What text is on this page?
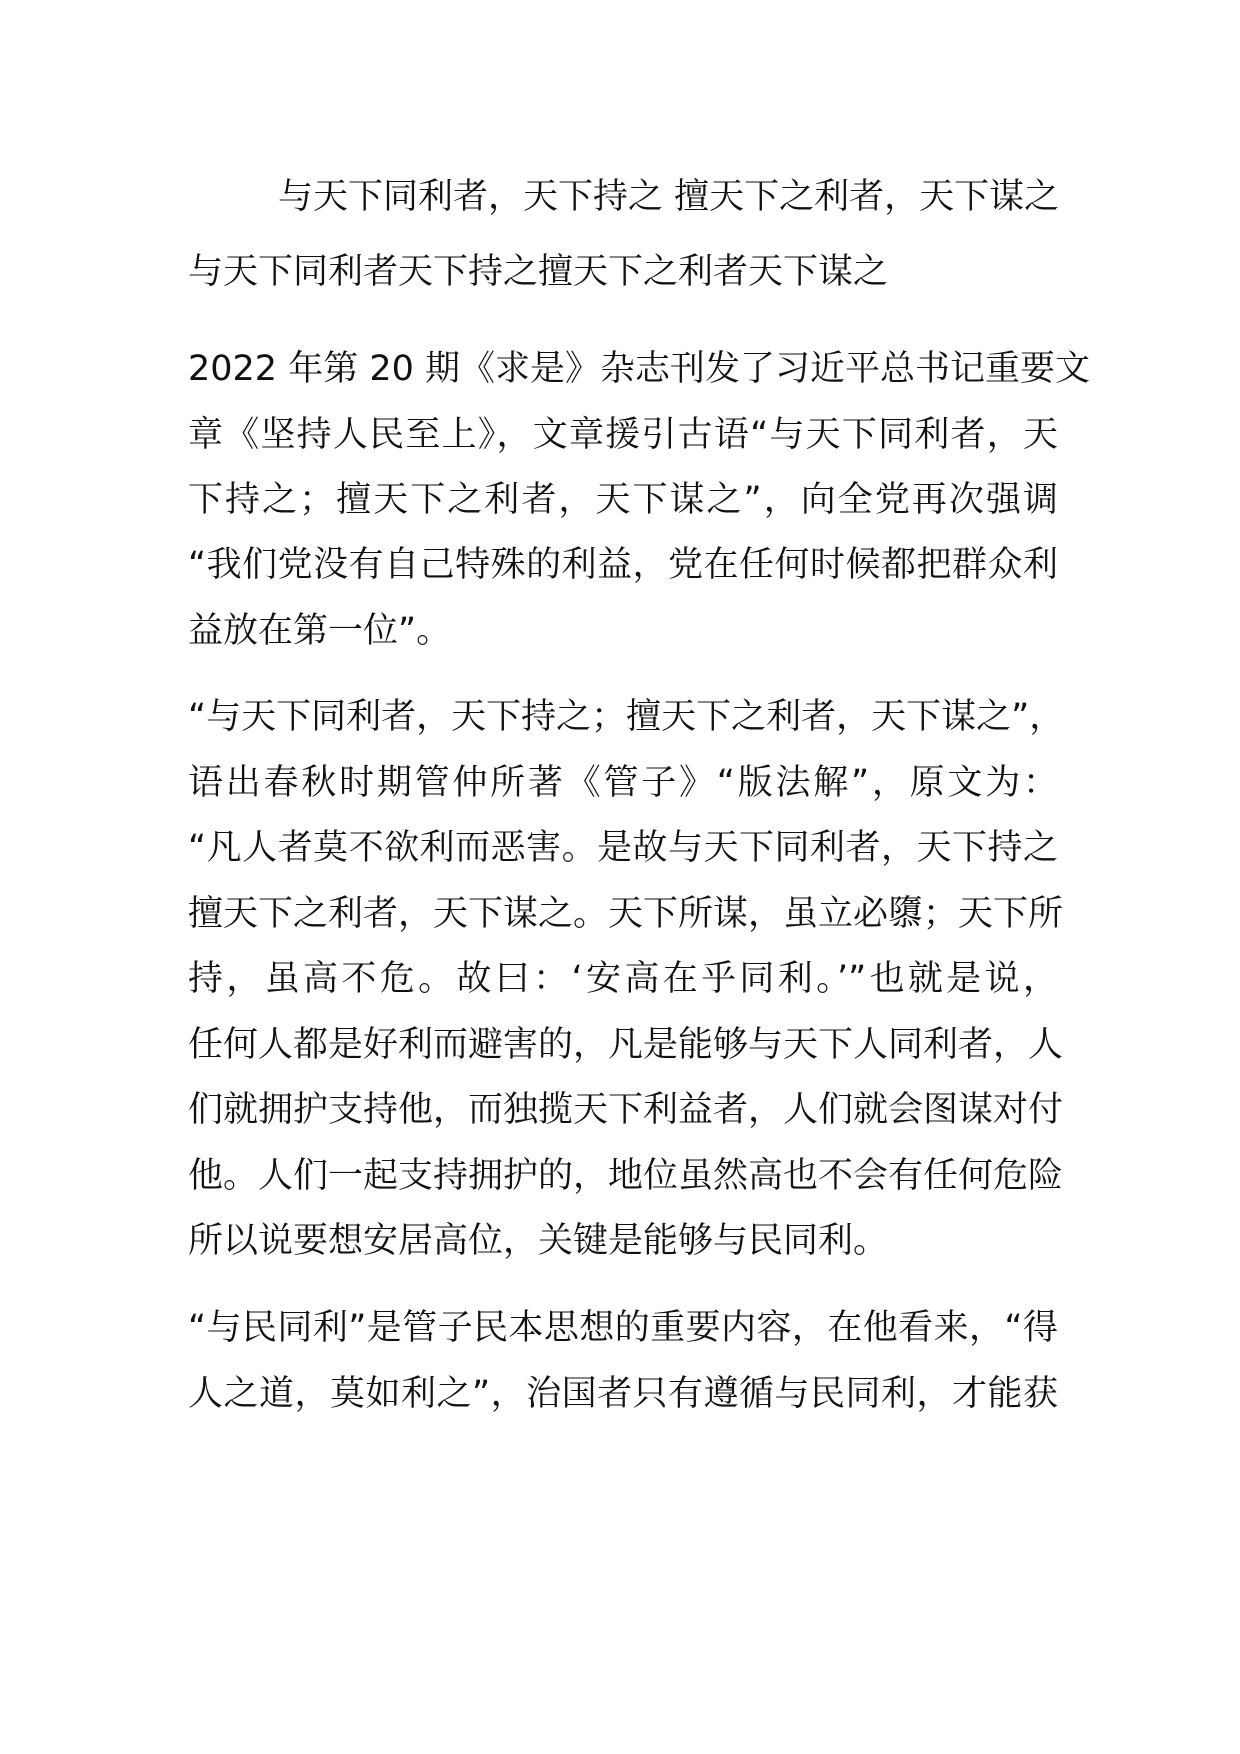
与天下同利者，天下持之 擅天下之利者，天下谋之
与天下同利者天下持之擅天下之利者天下谋之
2022 年第 20 期《求是》杂志刊发了习近平总书记重要文
章《坚持人民至上》，文章援引古语“与天下同利者，天
下持之；擅天下之利者，天下谋之”，向全党再次强调
“我们党没有自己特殊的利益，党在任何时候都把群众利
益放在第一位”。
“与天下同利者，天下持之；擅天下之利者，天下谋之”，
语出春秋时期管仲所著《管子》“版法解”，原文为：
“凡人者莫不欲利而恶害。是故与天下同利者，天下持之
擅天下之利者，天下谋之。天下所谋，虽立必隳；天下所
持，虽高不危。故曰：‘安高在乎同利。’”也就是说，
任何人都是好利而避害的，凡是能够与天下人同利者，人
们就拥护支持他，而独揽天下利益者，人们就会图谋对付
他。人们一起支持拥护的，地位虽然高也不会有任何危险
所以说要想安居高位，关键是能够与民同利。
“与民同利”是管子民本思想的重要内容，在他看来，“得
人之道，莫如利之”，治国者只有遵循与民同利，才能获
